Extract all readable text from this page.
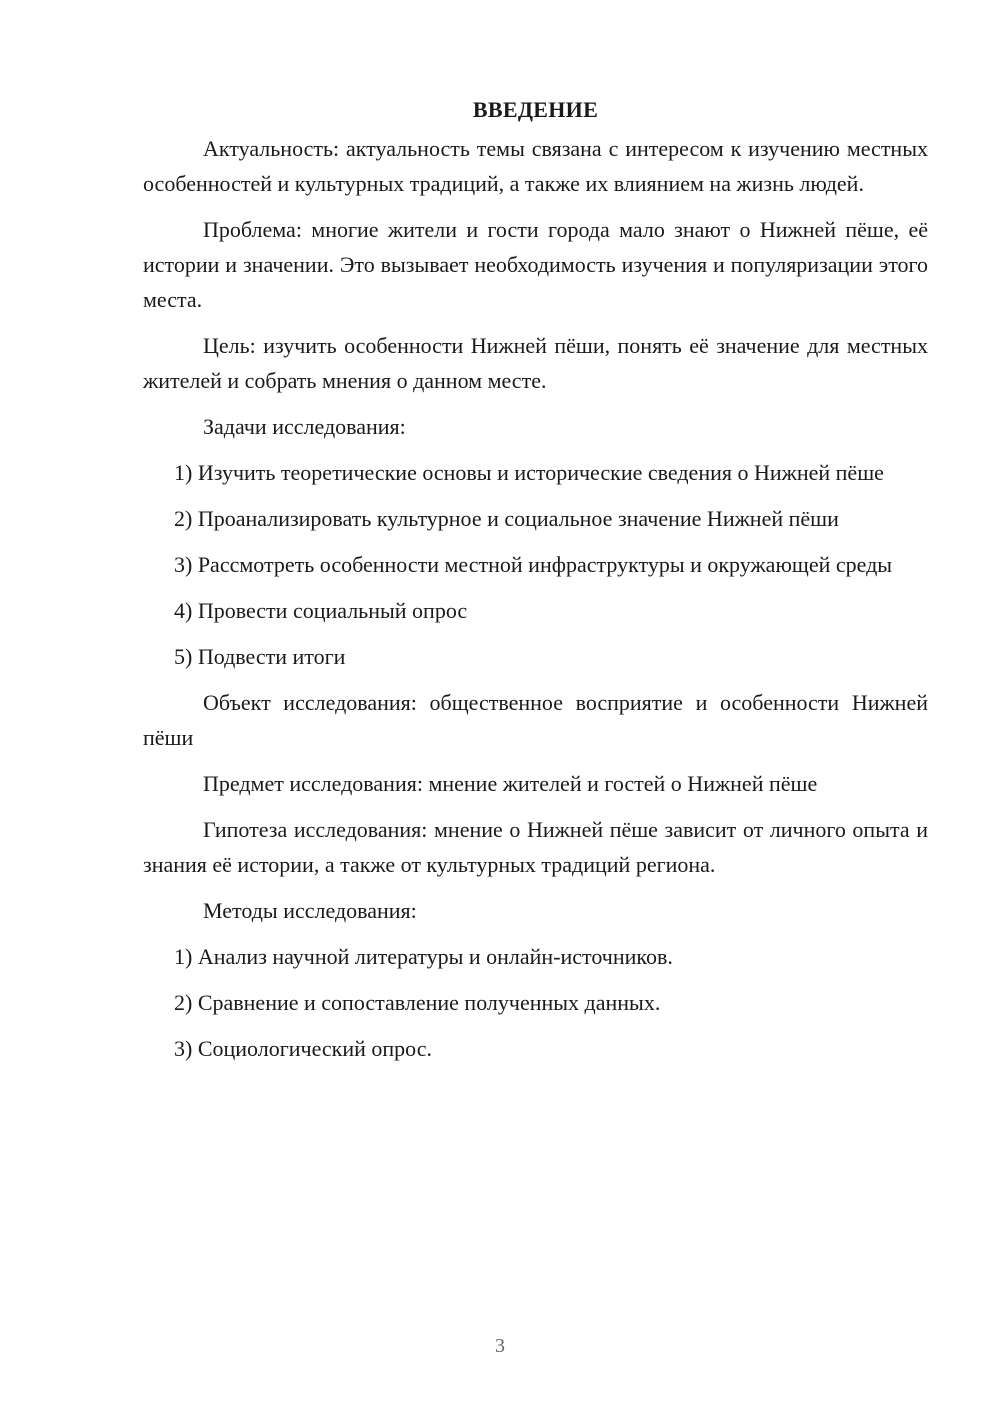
ВВЕДЕНИЕ

Актуальность: актуальность темы связана с интересом к изучению местных особенностей и культурных традиций, а также их влиянием на жизнь людей.

Проблема: многие жители и гости города мало знают о Нижней пёше, её истории и значении. Это вызывает необходимость изучения и популяризации этого места.

Цель: изучить особенности Нижней пёши, понять её значение для местных жителей и собрать мнения о данном месте.

Задачи исследования:

1) Изучить теоретические основы и исторические сведения о Нижней пёше

2) Проанализировать культурное и социальное значение Нижней пёши

3) Рассмотреть особенности местной инфраструктуры и окружающей среды

4) Провести социальный опрос

5) Подвести итоги

Объект исследования: общественное восприятие и особенности Нижней пёши

Предмет исследования: мнение жителей и гостей о Нижней пёше

Гипотеза исследования: мнение о Нижней пёше зависит от личного опыта и знания её истории, а также от культурных традиций региона.

Методы исследования:

1) Анализ научной литературы и онлайн-источников.

2) Сравнение и сопоставление полученных данных.

3) Социологический опрос.

3
